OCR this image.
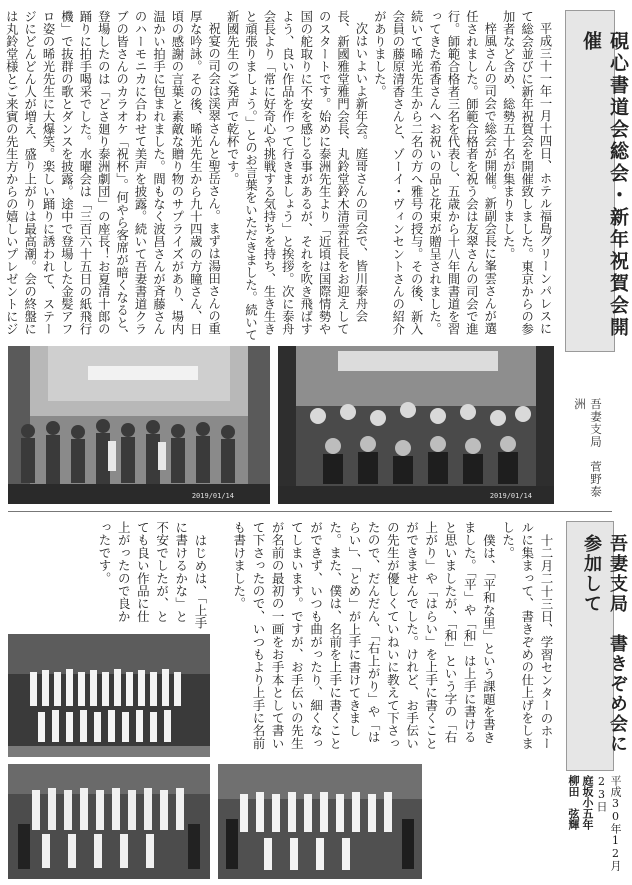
硯心書道会総会・新年祝賀会開催
吾妻支局　菅野泰洲

平成三十一年一月十四日、ホテル福島グリーンパレスにて総会並びに新年祝賀会を開催致しました。東京からの参加者など含め、総勢五十名が集まりました。

梓風さんの司会で総会が開催。新副会長に峯雲さんが選任されました。師範合格者を祝う会は友翠さんの司会で進行。師範合格者三名を代表し、五歳から十八年間書道を習ってきた希香さんへお祝いの品と花束が贈呈されました。続いて晞光先生から二名の方へ雅号の授与。その後、新入会員の藤原清香さんと、ゾーイ・ヴィンセントさんの紹介がありました。

次はいよいよ新年会。庭哥さんの司会で、皆川泰舟会長、新國雅堂雅門会長、丸鈴堂鈴木清雲社長をお迎えしてのスタートです。始めに泰洲先生より「近頃は国際情勢や国の舵取りに不安を感じる事があるが、それを吹き飛ばすよう、良い作品を作って行きましょう」と挨拶。次に泰舟会長より「常に好奇心や挑戦する気持ちを持ち、生き生きと頑張りましょう。」とのお言葉をいただきました。続いて新國先生のご発声で乾杯です。

祝宴の司会は渓翠さんと聖岳さん。まずは湯田さんの重厚な吟詠。その後、晞光先生から九十四歳の方瞳さん、日頃の感謝の言葉と素敵な贈り物のサプライズがあり、場内温かい拍手に包まれました。間もなく波昌さんが斉藤さんのハーモニカに合わせて美声を披露。続いて吾妻書道クラブの皆さんのカラオケ「祝杯」。何やら客席が暗くなると、登場したのは「どさ廻り泰洲劇団」の座長！お夏清十郎の踊りに拍手喝采でした。水曜会は「三百六十五日の紙飛行機」で抜群の歌とダンスを披露。途中で登場した金髪アフロ姿の晞光先生に大爆笑。楽しい踊りに誘われて、ステージにどんどん人が増え、盛り上がりは最高潮。会の終盤には丸鈴堂様とご来賓の先生方からの嬉しいプレゼントにジ

2019/01/14	2019/01/14
吾妻支局　書きぞめ会に参加して
平成30年12月23日
庭坂小五年
柳田　弦輝

十二月二十三日、学習センターのホールに集まって、書きぞめの仕上げをしました。

僕は、「平和な里」という課題を書きました。「平」や「和」は上手に書けると思いましたが、「和」という字の「右上がり」や「はらい」を上手に書くことができませんでした。けれど、お手伝いの先生が優しくていねいに教えて下さったので、だんだん、「右上がり」や「はらい」、「とめ」が上手に書けてきました。また、僕は、名前を上手に書くことができず、いつも曲がったり、細くなってしまいます。ですが、お手伝いの先生が名前の最初の一画をお手本として書いて下さったので、いつもより上手に名前も書けました。

はじめは、「上手に書けるかな」と不安でしたが、とても良い作品に仕上がったので良かったです。
